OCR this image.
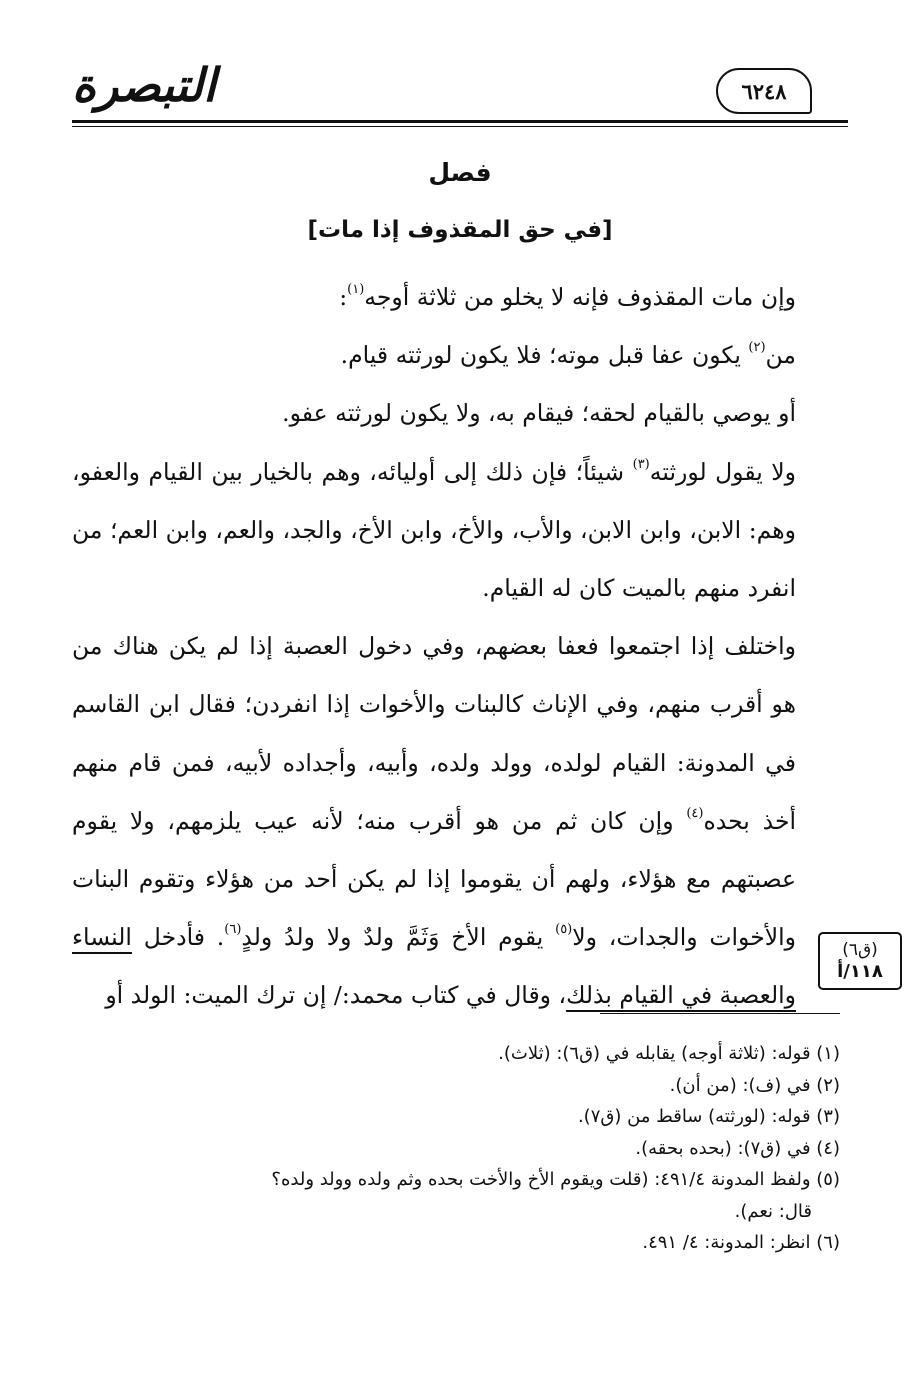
التبصرة	٦٢٤٨
فصل
[في حق المقذوف إذا مات]

وإن مات المقذوف فإنه لا يخلو من ثلاثة أوجه$^{(١)}$:

من$^{(٢)}$ يكون عفا قبل موته؛ فلا يكون لورثته قيام.

أو يوصي بالقيام لحقه؛ فيقام به، ولا يكون لورثته عفو.

ولا يقول لورثته$^{(٣)}$ شيئاً؛ فإن ذلك إلى أوليائه، وهم بالخيار بين القيام والعفو، وهم: الابن، وابن الابن، والأب، والأخ، وابن الأخ، والجد، والعم، وابن العم؛ من انفرد منهم بالميت كان له القيام.

واختلف إذا اجتمعوا فعفا بعضهم، وفي دخول العصبة إذا لم يكن هناك من هو أقرب منهم، وفي الإناث كالبنات والأخوات إذا انفردن؛ فقال ابن القاسم في المدونة: القيام لولده، وولد ولده، وأبيه، وأجداده لأبيه، فمن قام منهم أخذ بحده$^{(٤)}$ وإن كان ثم من هو أقرب منه؛ لأنه عيب يلزمهم، ولا يقوم عصبتهم مع هؤلاء، ولهم أن يقوموا إذا لم يكن أحد من هؤلاء وتقوم البنات والأخوات والجدات، ولا$^{(٥)}$ يقوم الأخ وَثَمَّ ولدٌ ولا ولدُ ولدٍ$^{(٦)}$. فأدخل النساء والعصبة في القيام بذلك، وقال في كتاب محمد:/ إن ترك الميت: الولد أو

(ق٦)
١١٨/أ
(١) قوله: (ثلاثة أوجه) يقابله في (ق٦): (ثلاث).
(٢) في (ف): (من أن).
(٣) قوله: (لورثته) ساقط من (ق٧).
(٤) في (ق٧): (بحده بحقه).
(٥) ولفظ المدونة ٤٩١/٤: (قلت ويقوم الأخ والأخت بحده وثم ولده وولد ولده؟
قال: نعم).
(٦) انظر: المدونة: ٤/ ٤٩١.
